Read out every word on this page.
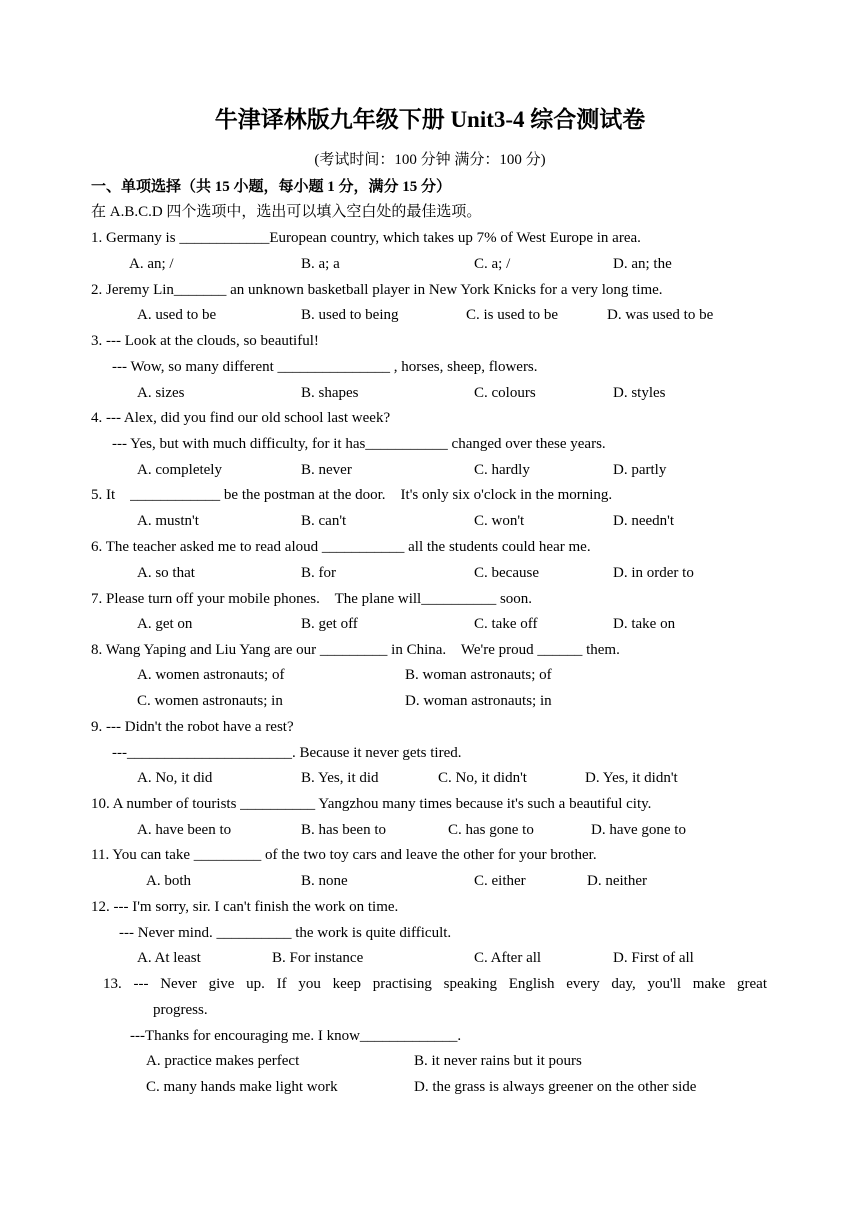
牛津译林版九年级下册 Unit3-4 综合测试卷
(考试时间：100 分钟 满分：100 分)
一、单项选择（共 15 小题，每小题 1 分，满分 15 分）
在 A.B.C.D 四个选项中，选出可以填入空白处的最佳选项。
1. Germany is ____________European country, which takes up 7% of West Europe in area.
A. an; /	B. a; a	C. a; /	D. an; the
2. Jeremy Lin_______ an unknown basketball player in New York Knicks for a very long time.
A. used to be	B. used to being	C. is used to be	D. was used to be
3. --- Look at the clouds, so beautiful!
--- Wow, so many different _______________ , horses, sheep, flowers.
A. sizes	B. shapes	C. colours	D. styles
4. --- Alex, did you find our old school last week?
--- Yes, but with much difficulty, for it has___________ changed over these years.
A. completely	B. never	C. hardly	D. partly
5. It    ____________ be the postman at the door.    It's only six o'clock in the morning.
A. mustn't	B. can't	C. won't	D. needn't
6. The teacher asked me to read aloud ___________ all the students could hear me.
A. so that	B. for	C. because	D. in order to
7. Please turn off your mobile phones.    The plane will__________ soon.
A. get on	B. get off	C. take off	D. take on
8. Wang Yaping and Liu Yang are our _________ in China.    We're proud ______ them.
A. women astronauts; of	B. woman astronauts; of
C. women astronauts; in	D. woman astronauts; in
9. --- Didn't the robot have a rest?
---______________________. Because it never gets tired.
A. No, it did	B. Yes, it did	C. No, it didn't	D. Yes, it didn't
10. A number of tourists __________ Yangzhou many times because it's such a beautiful city.
A. have been to	B. has been to	C. has gone to	D. have gone to
11. You can take _________ of the two toy cars and leave the other for your brother.
A. both	B. none	C. either	D. neither
12. --- I'm sorry, sir. I can't finish the work on time.
--- Never mind. __________ the work is quite difficult.
A. At least	B. For instance	C. After all	D. First of all
13. --- Never give up. If you keep practising speaking English every day, you'll make great
progress.
---Thanks for encouraging me. I know_____________.
A. practice makes perfect	B. it never rains but it pours
C. many hands make light work	D. the grass is always greener on the other side
